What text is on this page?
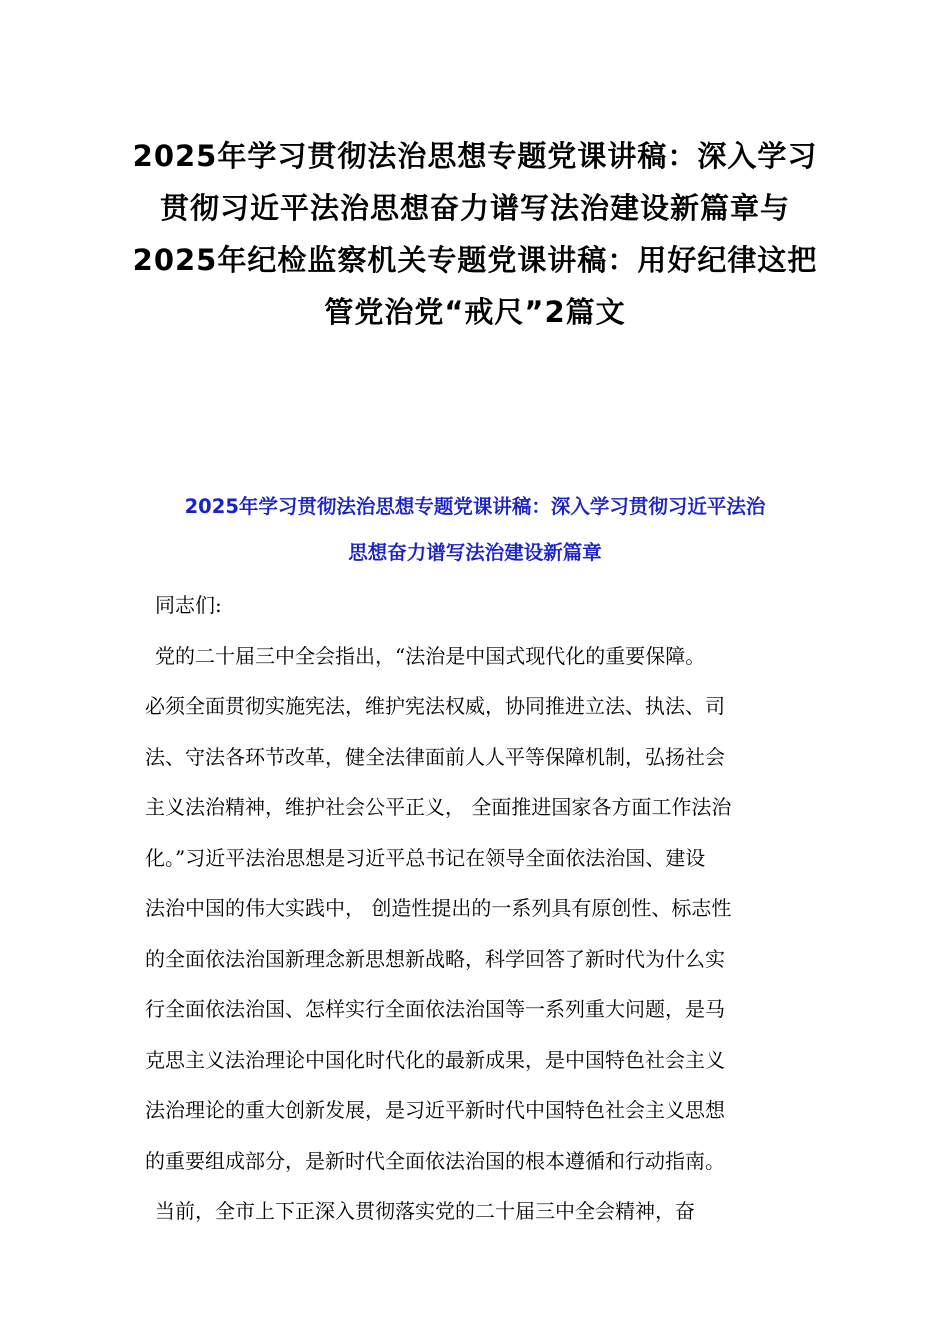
2025年学习贯彻法治思想专题党课讲稿：深入学习
贯彻习近平法治思想奋力谱写法治建设新篇章与
2025年纪检监察机关专题党课讲稿：用好纪律这把
管党治党“戒尺”2篇文
2025年学习贯彻法治思想专题党课讲稿：深入学习贯彻习近平法治
思想奋力谱写法治建设新篇章
同志们:
党的二十届三中全会指出，“法治是中国式现代化的重要保障。
必须全面贯彻实施宪法，维护宪法权威，协同推进立法、执法、司
法、守法各环节改革，健全法律面前人人平等保障机制，弘扬社会
主义法治精神，维护社会公平正义， 全面推进国家各方面工作法治
化。”习近平法治思想是习近平总书记在领导全面依法治国、建设
法治中国的伟大实践中， 创造性提出的一系列具有原创性、标志性
的全面依法治国新理念新思想新战略，科学回答了新时代为什么实
行全面依法治国、怎样实行全面依法治国等一系列重大问题，是马
克思主义法治理论中国化时代化的最新成果，是中国特色社会主义
法治理论的重大创新发展，是习近平新时代中国特色社会主义思想
的重要组成部分，是新时代全面依法治国的根本遵循和行动指南。
当前，全市上下正深入贯彻落实党的二十届三中全会精神，奋
